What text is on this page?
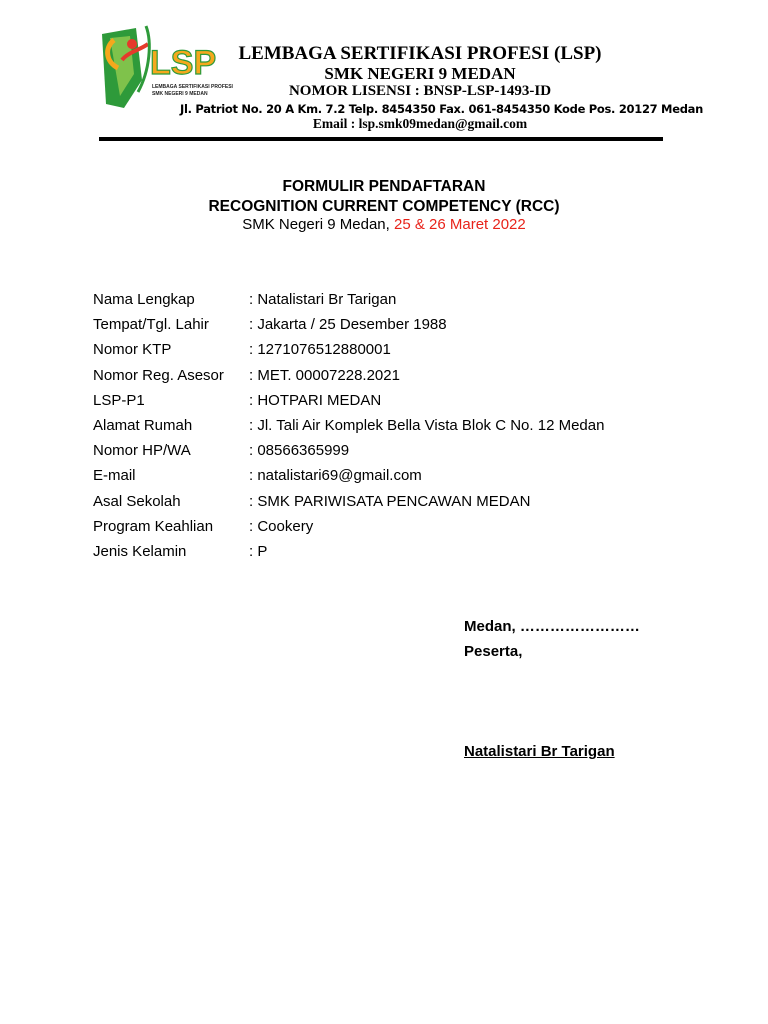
LSP
LEMBAGA SERTIFIKASI PROFESI
SMK NEGERI 9 MEDAN
LEMBAGA SERTIFIKASI PROFESI (LSP)
SMK NEGERI 9 MEDAN
NOMOR LISENSI : BNSP-LSP-1493-ID
Jl. Patriot No. 20 A Km. 7.2 Telp. 8454350 Fax. 061-8454350 Kode Pos. 20127 Medan
Email : lsp.smk09medan@gmail.com
FORMULIR PENDAFTARAN
RECOGNITION CURRENT COMPETENCY (RCC)
SMK Negeri 9 Medan, 25 & 26 Maret 2022
Nama Lengkap	: Natalistari Br Tarigan
Tempat/Tgl. Lahir	: Jakarta / 25 Desember 1988
Nomor KTP	: 1271076512880001
Nomor Reg. Asesor	: MET. 00007228.2021
LSP-P1	: HOTPARI MEDAN
Alamat Rumah	: Jl. Tali Air Komplek Bella Vista Blok C No. 12 Medan
Nomor HP/WA	: 08566365999
E-mail	: natalistari69@gmail.com
Asal Sekolah	: SMK PARIWISATA PENCAWAN MEDAN
Program Keahlian	: Cookery
Jenis Kelamin	: P
Medan, ……………………
Peserta,
Natalistari Br Tarigan
